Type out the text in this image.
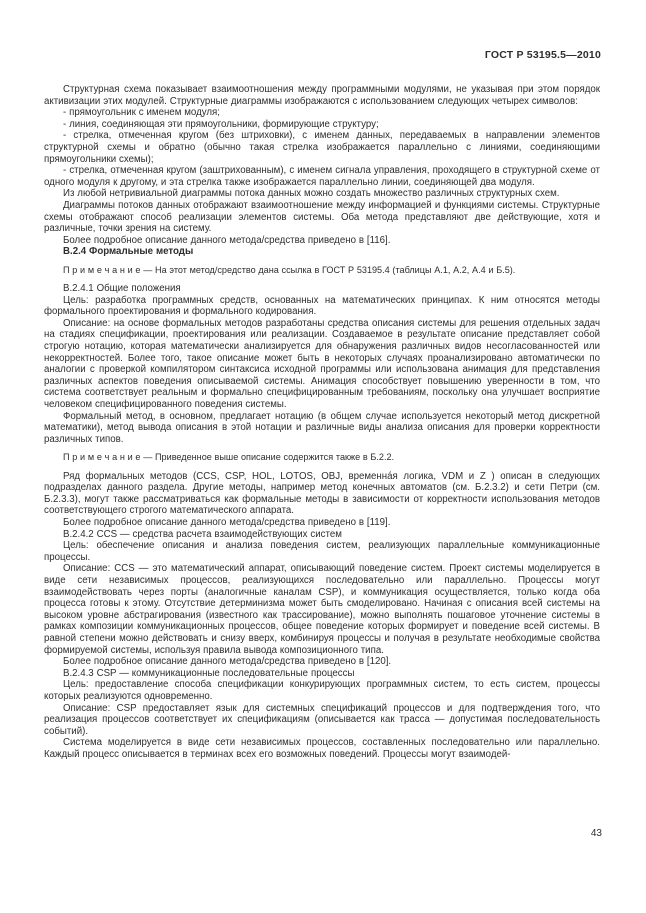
ГОСТ Р 53195.5—2010

Структурная схема показывает взаимоотношения между программными модулями, не указывая при этом порядок активизации этих модулей. Структурные диаграммы изображаются с использованием следующих четырех символов:

- прямоугольник с именем модуля;

- линия, соединяющая эти прямоугольники, формирующие структуру;

- стрелка, отмеченная кругом (без штриховки), с именем данных, передаваемых в направлении элементов структурной схемы и обратно (обычно такая стрелка изображается параллельно с линиями, соединяющими прямоугольники схемы);

- стрелка, отмеченная кругом (заштрихованным), с именем сигнала управления, проходящего в структурной схеме от одного модуля к другому, и эта стрелка также изображается параллельно линии, соединяющей два модуля.

Из любой нетривиальной диаграммы потока данных можно создать множество различных структурных схем.

Диаграммы потоков данных отображают взаимоотношение между информацией и функциями системы. Структурные схемы отображают способ реализации элементов системы. Оба метода представляют две действующие, хотя и различные, точки зрения на систему.

Более подробное описание данного метода/средства приведено в [116].

В.2.4 Формальные методы

П р и м е ч а н и е — На этот метод/средство дана ссылка в ГОСТ Р 53195.4 (таблицы А.1, А.2, А.4 и Б.5).

В.2.4.1 Общие положения

Цель: разработка программных средств, основанных на математических принципах. К ним относятся методы формального проектирования и формального кодирования.

Описание: на основе формальных методов разработаны средства описания системы для решения отдельных задач на стадиях спецификации, проектирования или реализации. Создаваемое в результате описание представляет собой строгую нотацию, которая математически анализируется для обнаружения различных видов несогласованностей или некорректностей. Более того, такое описание может быть в некоторых случаях проанализировано автоматически по аналогии с проверкой компилятором синтаксиса исходной программы или использована анимация для представления различных аспектов поведения описываемой системы. Анимация способствует повышению уверенности в том, что система соответствует реальным и формально специфицированным требованиям, поскольку она улучшает восприятие человеком специфицированного поведения системы.

Формальный метод, в основном, предлагает нотацию (в общем случае используется некоторый метод дискретной математики), метод вывода описания в этой нотации и различные виды анализа описания для проверки корректности различных типов.

П р и м е ч а н и е — Приведенное выше описание содержится также в Б.2.2.

Ряд формальных методов (CCS, CSP, HOL, LOTOS, OBJ, временна́я логика, VDM и Z ) описан в следующих подразделах данного раздела. Другие методы, например метод конечных автоматов (см. Б.2.3.2) и сети Петри (см. Б.2.3.3), могут также рассматриваться как формальные методы в зависимости от корректности использования методов соответствующего строгого математического аппарата.

Более подробное описание данного метода/средства приведено в [119].

В.2.4.2 CCS — средства расчета взаимодействующих систем

Цель: обеспечение описания и анализа поведения систем, реализующих параллельные коммуникационные процессы.

Описание: CCS — это математический аппарат, описывающий поведение систем. Проект системы моделируется в виде сети независимых процессов, реализующихся последовательно или параллельно. Процессы могут взаимодействовать через порты (аналогичные каналам CSP), и коммуникация осуществляется, только когда оба процесса готовы к этому. Отсутствие детерминизма может быть смоделировано. Начиная с описания всей системы на высоком уровне абстрагирования (известного как трассирование), можно выполнять пошаговое уточнение системы в рамках композиции коммуникационных процессов, общее поведение которых формирует и поведение всей системы. В равной степени можно действовать и снизу вверх, комбинируя процессы и получая в результате необходимые свойства формируемой системы, используя правила вывода композиционного типа.

Более подробное описание данного метода/средства приведено в [120].

В.2.4.3 CSP — коммуникационные последовательные процессы

Цель: предоставление способа спецификации конкурирующих программных систем, то есть систем, процессы которых реализуются одновременно.

Описание: CSP предоставляет язык для системных спецификаций процессов и для подтверждения того, что реализация процессов соответствует их спецификациям (описывается как трасса — допустимая последовательность событий).

Система моделируется в виде сети независимых процессов, составленных последовательно или параллельно. Каждый процесс описывается в терминах всех его возможных поведений. Процессы могут взаимодей-

43
